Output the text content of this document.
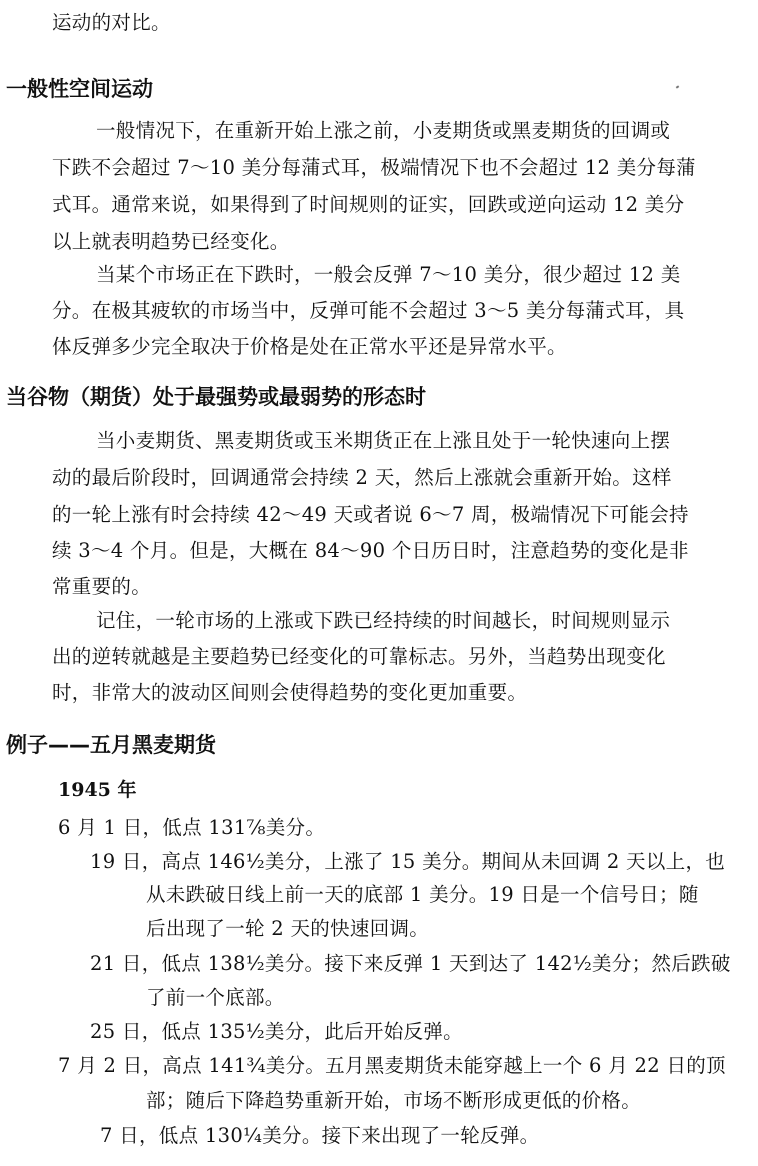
运动的对比。
一般性空间运动
一般情况下，在重新开始上涨之前，小麦期货或黑麦期货的回调或
下跌不会超过 7～10 美分每蒲式耳，极端情况下也不会超过 12 美分每蒲
式耳。通常来说，如果得到了时间规则的证实，回跌或逆向运动 12 美分
以上就表明趋势已经变化。
当某个市场正在下跌时，一般会反弹 7～10 美分，很少超过 12 美
分。在极其疲软的市场当中，反弹可能不会超过 3～5 美分每蒲式耳，具
体反弹多少完全取决于价格是处在正常水平还是异常水平。
当谷物（期货）处于最强势或最弱势的形态时
当小麦期货、黑麦期货或玉米期货正在上涨且处于一轮快速向上摆
动的最后阶段时，回调通常会持续 2 天，然后上涨就会重新开始。这样
的一轮上涨有时会持续 42～49 天或者说 6～7 周，极端情况下可能会持
续 3～4 个月。但是，大概在 84～90 个日历日时，注意趋势的变化是非
常重要的。
记住，一轮市场的上涨或下跌已经持续的时间越长，时间规则显示
出的逆转就越是主要趋势已经变化的可靠标志。另外，当趋势出现变化
时，非常大的波动区间则会使得趋势的变化更加重要。
例子——五月黑麦期货
1945 年
6 月 1 日，低点 131⅞美分。
19 日，高点 146½美分，上涨了 15 美分。期间从未回调 2 天以上，也
从未跌破日线上前一天的底部 1 美分。19 日是一个信号日；随
后出现了一轮 2 天的快速回调。
21 日，低点 138½美分。接下来反弹 1 天到达了 142½美分；然后跌破
了前一个底部。
25 日，低点 135½美分，此后开始反弹。
7 月 2 日，高点 141¾美分。五月黑麦期货未能穿越上一个 6 月 22 日的顶
部；随后下降趋势重新开始，市场不断形成更低的价格。
7 日，低点 130¼美分。接下来出现了一轮反弹。
